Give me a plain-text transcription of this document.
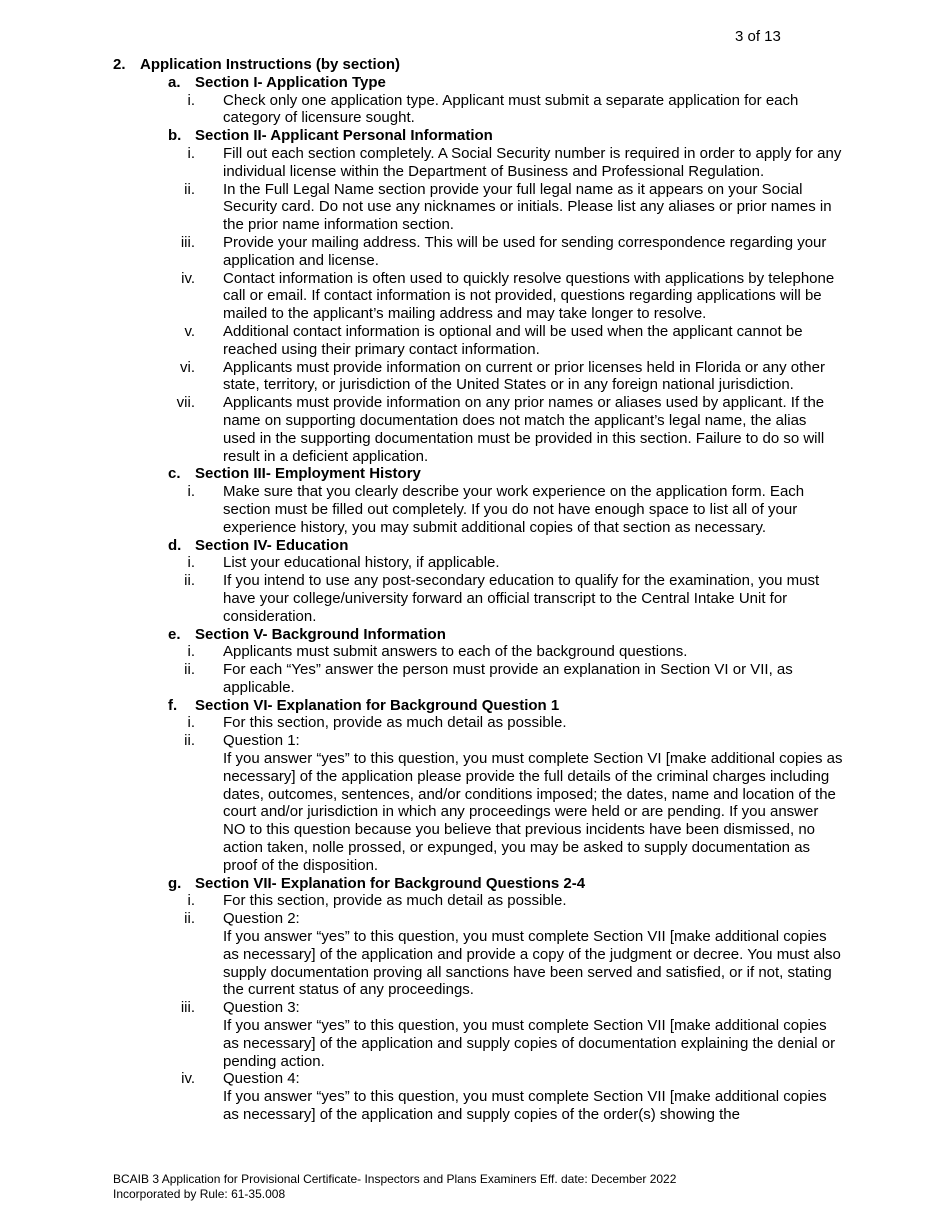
3 of 13
2. Application Instructions (by section)
a. Section I- Application Type
i. Check only one application type. Applicant must submit a separate application for each category of licensure sought.
b. Section II- Applicant Personal Information
i. Fill out each section completely. A Social Security number is required in order to apply for any individual license within the Department of Business and Professional Regulation.
ii. In the Full Legal Name section provide your full legal name as it appears on your Social Security card. Do not use any nicknames or initials. Please list any aliases or prior names in the prior name information section.
iii. Provide your mailing address. This will be used for sending correspondence regarding your application and license.
iv. Contact information is often used to quickly resolve questions with applications by telephone call or email. If contact information is not provided, questions regarding applications will be mailed to the applicant’s mailing address and may take longer to resolve.
v. Additional contact information is optional and will be used when the applicant cannot be reached using their primary contact information.
vi. Applicants must provide information on current or prior licenses held in Florida or any other state, territory, or jurisdiction of the United States or in any foreign national jurisdiction.
vii. Applicants must provide information on any prior names or aliases used by applicant. If the name on supporting documentation does not match the applicant’s legal name, the alias used in the supporting documentation must be provided in this section. Failure to do so will result in a deficient application.
c. Section III- Employment History
i. Make sure that you clearly describe your work experience on the application form. Each section must be filled out completely. If you do not have enough space to list all of your experience history, you may submit additional copies of that section as necessary.
d. Section IV- Education
i. List your educational history, if applicable.
ii. If you intend to use any post-secondary education to qualify for the examination, you must have your college/university forward an official transcript to the Central Intake Unit for consideration.
e. Section V- Background Information
i. Applicants must submit answers to each of the background questions.
ii. For each “Yes” answer the person must provide an explanation in Section VI or VII, as applicable.
f. Section VI- Explanation for Background Question 1
i. For this section, provide as much detail as possible.
ii. Question 1:
If you answer “yes” to this question, you must complete Section VI [make additional copies as necessary] of the application please provide the full details of the criminal charges including dates, outcomes, sentences, and/or conditions imposed; the dates, name and location of the court and/or jurisdiction in which any proceedings were held or are pending. If you answer NO to this question because you believe that previous incidents have been dismissed, no action taken, nolle prossed, or expunged, you may be asked to supply documentation as proof of the disposition.
g. Section VII- Explanation for Background Questions 2-4
i. For this section, provide as much detail as possible.
ii. Question 2:
If you answer “yes” to this question, you must complete Section VII [make additional copies as necessary] of the application and provide a copy of the judgment or decree. You must also supply documentation proving all sanctions have been served and satisfied, or if not, stating the current status of any proceedings.
iii. Question 3:
If you answer “yes” to this question, you must complete Section VII [make additional copies as necessary] of the application and supply copies of documentation explaining the denial or pending action.
iv. Question 4:
If you answer “yes” to this question, you must complete Section VII [make additional copies as necessary] of the application and supply copies of the order(s) showing the
BCAIB 3 Application for Provisional Certificate- Inspectors and Plans Examiners Eff. date: December 2022
Incorporated by Rule: 61-35.008
